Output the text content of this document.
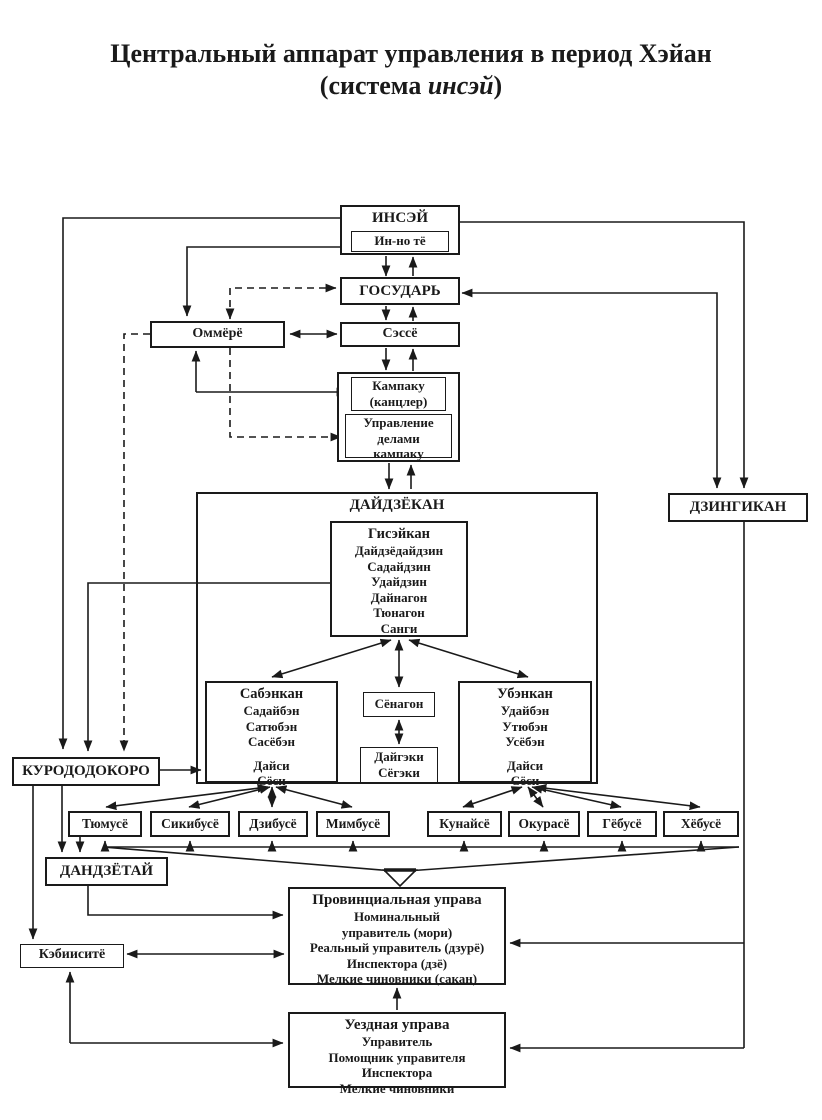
Центральный аппарат управления в период Хэйан
(система инсэй)
ИНСЭЙ
Ин-но тё
ГОСУДАРЬ
Оммёрё	Сэссё
Кампаку
(канцлер)
Управление
делами
кампаку
ДАЙДЗЁКАН
Гисэйкан
Дайдзёдайдзин
Садайдзин
Удайдзин
Дайнагон
Тюнагон
Санги
Сабэнкан
Садайбэн
Сатюбэн
Сасёбэн
Дайси
Сёси
Сёнагон
Дайгэки
Сёгэки
Убэнкан
Удайбэн
Утюбэн
Усёбэн
Дайси
Сёси
ДЗИНГИКАН
КУРОДОДОКОРО
Тюмусё	Сикибусё	Дзибусё	Мимбусё	Кунайсё	Окурасё	Гёбусё	Хёбусё
ДАНДЗЁТАЙ
Провинциальная управа
Номинальный
управитель (мори)
Реальный управитель (дзурё)
Инспектора (дзё)
Мелкие чиновники (сакан)
Кэбииситё
Уездная управа
Управитель
Помощник управителя
Инспектора
Мелкие чиновники
